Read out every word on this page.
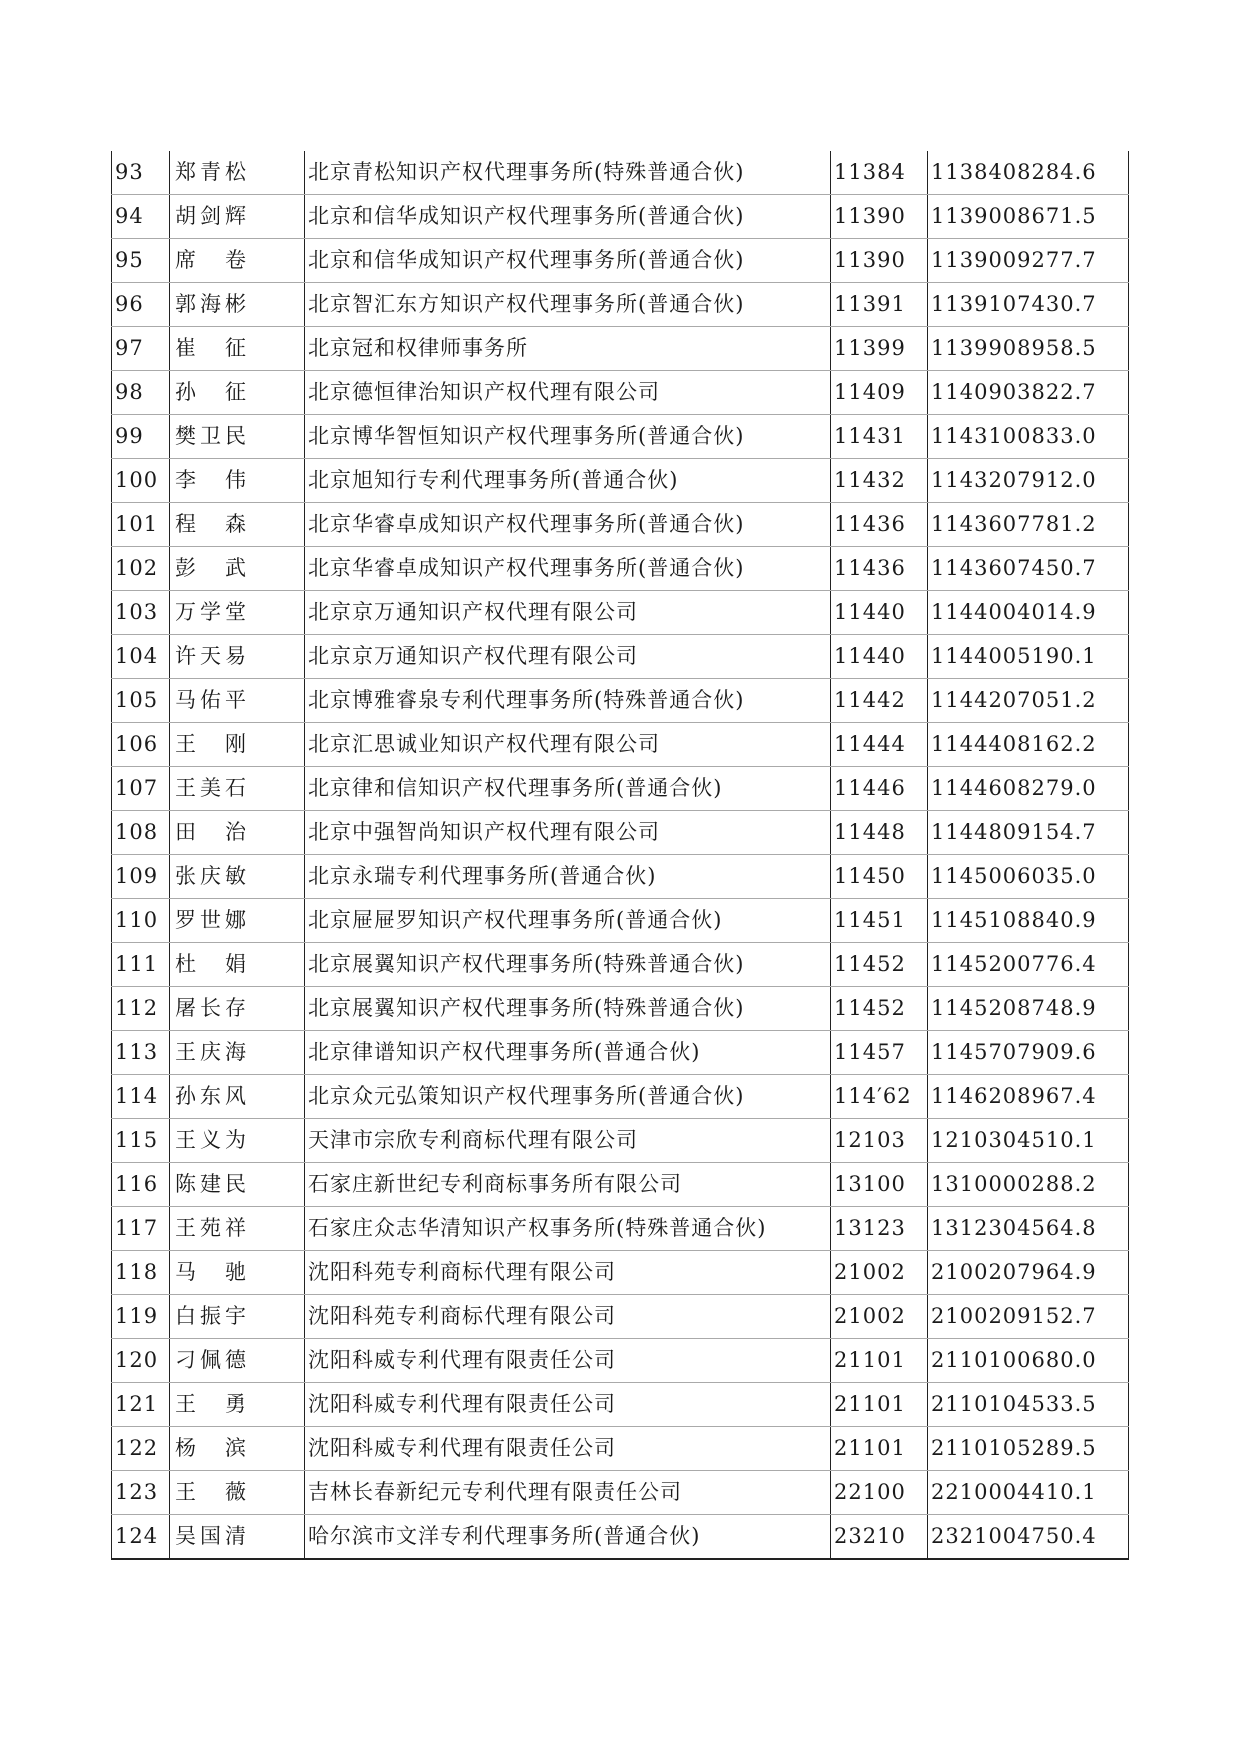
93	郑青松	北京青松知识产权代理事务所(特殊普通合伙)	11384	1138408284.6
94	胡剑辉	北京和信华成知识产权代理事务所(普通合伙)	11390	1139008671.5
95	席　卷	北京和信华成知识产权代理事务所(普通合伙)	11390	1139009277.7
96	郭海彬	北京智汇东方知识产权代理事务所(普通合伙)	11391	1139107430.7
97	崔　征	北京冠和权律师事务所	11399	1139908958.5
98	孙　征	北京德恒律治知识产权代理有限公司	11409	1140903822.7
99	樊卫民	北京博华智恒知识产权代理事务所(普通合伙)	11431	1143100833.0
100	李　伟	北京旭知行专利代理事务所(普通合伙)	11432	1143207912.0
101	程　森	北京华睿卓成知识产权代理事务所(普通合伙)	11436	1143607781.2
102	彭　武	北京华睿卓成知识产权代理事务所(普通合伙)	11436	1143607450.7
103	万学堂	北京京万通知识产权代理有限公司	11440	1144004014.9
104	许天易	北京京万通知识产权代理有限公司	11440	1144005190.1
105	马佑平	北京博雅睿泉专利代理事务所(特殊普通合伙)	11442	1144207051.2
106	王　刚	北京汇思诚业知识产权代理有限公司	11444	1144408162.2
107	王美石	北京律和信知识产权代理事务所(普通合伙)	11446	1144608279.0
108	田　治	北京中强智尚知识产权代理有限公司	11448	1144809154.7
109	张庆敏	北京永瑞专利代理事务所(普通合伙)	11450	1145006035.0
110	罗世娜	北京屉屉罗知识产权代理事务所(普通合伙)	11451	1145108840.9
111	杜　娟	北京展翼知识产权代理事务所(特殊普通合伙)	11452	1145200776.4
112	屠长存	北京展翼知识产权代理事务所(特殊普通合伙)	11452	1145208748.9
113	王庆海	北京律谱知识产权代理事务所(普通合伙)	11457	1145707909.6
114	孙东风	北京众元弘策知识产权代理事务所(普通合伙)	114′62	1146208967.4
115	王义为	天津市宗欣专利商标代理有限公司	12103	1210304510.1
116	陈建民	石家庄新世纪专利商标事务所有限公司	13100	1310000288.2
117	王苑祥	石家庄众志华清知识产权事务所(特殊普通合伙)	13123	1312304564.8
118	马　驰	沈阳科苑专利商标代理有限公司	21002	2100207964.9
119	白振宇	沈阳科苑专利商标代理有限公司	21002	2100209152.7
120	刁佩德	沈阳科威专利代理有限责任公司	21101	2110100680.0
121	王　勇	沈阳科威专利代理有限责任公司	21101	2110104533.5
122	杨　滨	沈阳科威专利代理有限责任公司	21101	2110105289.5
123	王　薇	吉林长春新纪元专利代理有限责任公司	22100	2210004410.1
124	吴国清	哈尔滨市文洋专利代理事务所(普通合伙)	23210	2321004750.4
